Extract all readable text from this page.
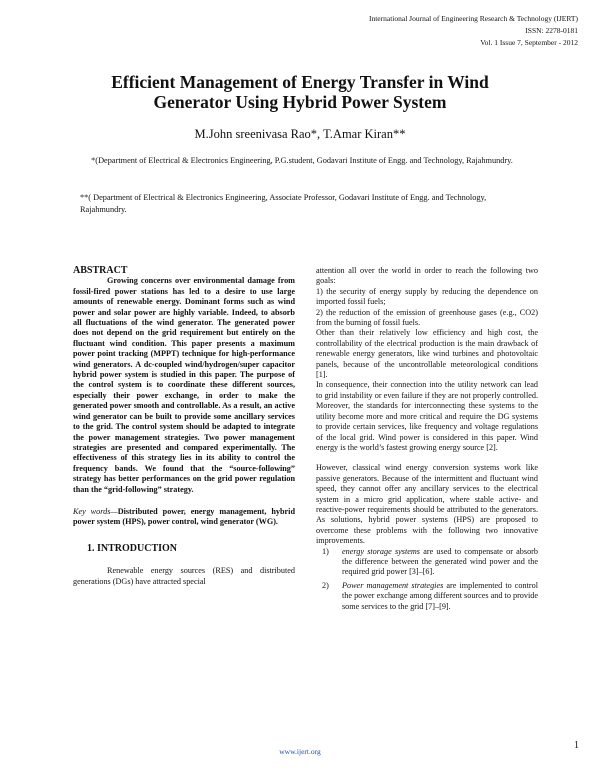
International Journal of Engineering Research & Technology (IJERT)
ISSN: 2278-0181
Vol. 1 Issue 7, September - 2012
Efficient Management of Energy Transfer in Wind
Generator Using Hybrid Power System
M.John sreenivasa Rao*, T.Amar Kiran**
*(Department of Electrical & Electronics Engineering, P.G.student, Godavari Institute of Engg. and Technology, Rajahmundry.
**( Department of Electrical & Electronics Engineering, Associate Professor, Godavari Institute of Engg. and Technology, Rajahmundry.
ABSTRACT

Growing concerns over environmental damage from fossil-fired power stations has led to a desire to use large amounts of renewable energy. Dominant forms such as wind power and solar power are highly variable. Indeed, to absorb all fluctuations of the wind generator. The generated power does not depend on the grid requirement but entirely on the fluctuant wind condition. This paper presents a maximum power point tracking (MPPT) technique for high-performance wind generators. A dc-coupled wind/hydrogen/super capacitor hybrid power system is studied in this paper. The purpose of the control system is to coordinate these different sources, especially their power exchange, in order to make the generated power smooth and controllable. As a result, an active wind generator can be built to provide some ancillary services to the grid. The control system should be adapted to integrate the power management strategies. Two power management strategies are presented and compared experimentally. The effectiveness of this strategy lies in its ability to control the frequency bands. We found that the “source-following” strategy has better performances on the grid power regulation than the “grid-following” strategy.

Key words—Distributed power, energy management, hybrid power system (HPS), power control, wind generator (WG).

1. INTRODUCTION

Renewable energy sources (RES) and distributed generations (DGs) have attracted special

attention all over the world in order to reach the following two goals:

1) the security of energy supply by reducing the dependence on imported fossil fuels;

2) the reduction of the emission of greenhouse gases (e.g., CO2) from the burning of fossil fuels.

Other than their relatively low efficiency and high cost, the controllability of the electrical production is the main drawback of renewable energy generators, like wind turbines and photovoltaic panels, because of the uncontrollable meteorological conditions [1].

In consequence, their connection into the utility network can lead to grid instability or even failure if they are not properly controlled. Moreover, the standards for interconnecting these systems to the utility become more and more critical and require the DG systems to provide certain services, like frequency and voltage regulations of the local grid. Wind power is considered in this paper. Wind energy is the world’s fastest growing energy source [2].

However, classical wind energy conversion systems work like passive generators. Because of the intermittent and fluctuant wind speed, they cannot offer any ancillary services to the electrical system in a micro grid application, where stable active- and reactive-power requirements should be attributed to the generators. As solutions, hybrid power systems (HPS) are proposed to overcome these problems with the following two innovative improvements.

1)	energy storage systems are used to compensate or absorb the difference between the generated wind power and the required grid power [3]–[6].
2)	Power management strategies are implemented to control the power exchange among different sources and to provide some services to the grid [7]–[9].
www.ijert.org
1
